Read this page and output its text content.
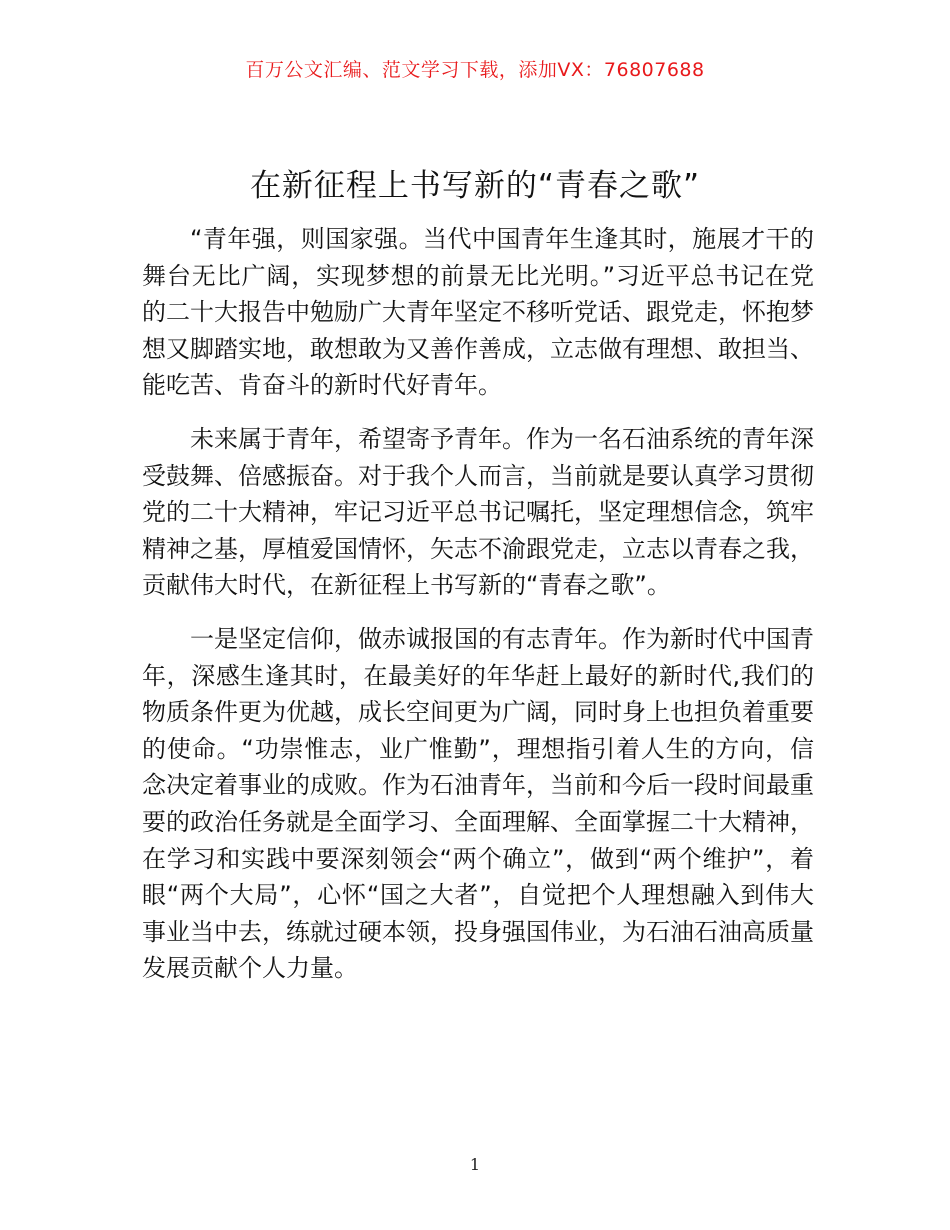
百万公文汇编、范文学习下载，添加VX：76807688
在新征程上书写新的“青春之歌”

“青年强，则国家强。当代中国青年生逢其时，施展才干的舞台无比广阔，实现梦想的前景无比光明。”习近平总书记在党的二十大报告中勉励广大青年坚定不移听党话、跟党走，怀抱梦想又脚踏实地，敢想敢为又善作善成，立志做有理想、敢担当、能吃苦、肯奋斗的新时代好青年。

未来属于青年，希望寄予青年。作为一名石油系统的青年深受鼓舞、倍感振奋。对于我个人而言，当前就是要认真学习贯彻党的二十大精神，牢记习近平总书记嘱托，坚定理想信念，筑牢精神之基，厚植爱国情怀，矢志不渝跟党走，立志以青春之我，贡献伟大时代，在新征程上书写新的“青春之歌”。

一是坚定信仰，做赤诚报国的有志青年。作为新时代中国青年，深感生逢其时，在最美好的年华赶上最好的新时代,我们的物质条件更为优越，成长空间更为广阔，同时身上也担负着重要的使命。“功崇惟志，业广惟勤”，理想指引着人生的方向，信念决定着事业的成败。作为石油青年，当前和今后一段时间最重要的政治任务就是全面学习、全面理解、全面掌握二十大精神，在学习和实践中要深刻领会“两个确立”，做到“两个维护”，着眼“两个大局”，心怀“国之大者”，自觉把个人理想融入到伟大事业当中去，练就过硬本领，投身强国伟业，为石油石油高质量发展贡献个人力量。

1
